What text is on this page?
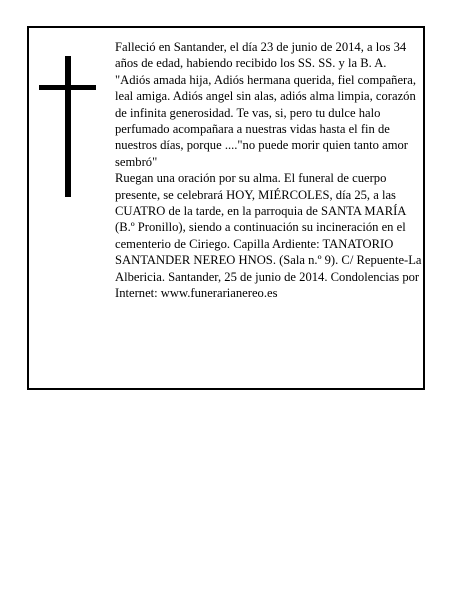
Falleció en Santander, el día 23 de junio de 2014, a los 34 años de edad, habiendo recibido los SS. SS. y la B. A.

"Adiós amada hija, Adiós hermana querida, fiel compañera, leal amiga. Adiós angel sin alas, adiós alma limpia, corazón de infinita generosidad. Te vas, si, pero tu dulce halo perfumado acompañara a nuestras vidas hasta el fin de nuestros días, porque ...."no puede morir quien tanto amor sembró"

Ruegan una oración por su alma. El funeral de cuerpo presente, se celebrará HOY, MIÉRCOLES, día 25, a las CUATRO de la tarde, en la parroquia de SANTA MARÍA (B.º Pronillo), siendo a continuación su incineración en el cementerio de Ciriego. Capilla Ardiente: TANATORIO SANTANDER NEREO HNOS. (Sala n.º 9). C/ Repuente-La Albericia. Santander, 25 de junio de 2014. Condolencias por Internet: www.funerarianereo.es
